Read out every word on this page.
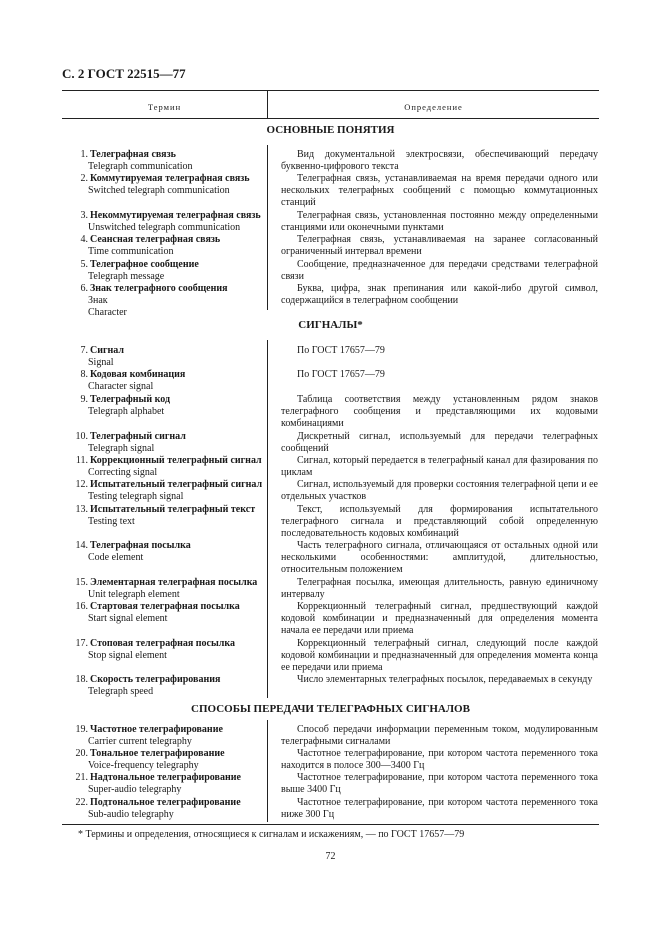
С. 2 ГОСТ 22515—77
Термин	Определение
ОСНОВНЫЕ ПОНЯТИЯ
1. Телеграфная связь
Telegraph communication
Вид документальной электросвязи, обеспечивающий передачу буквенно-цифрового текста
2. Коммутируемая телеграфная связь
Switched telegraph communication
Телеграфная связь, устанавливаемая на время передачи одного или нескольких телеграфных сообщений с помощью коммутационных станций
3. Некоммутируемая телеграфная связь
Unswitched telegraph communication
Телеграфная связь, установленная постоянно между определенными станциями или оконечными пунктами
4. Сеансная телеграфная связь
Time communication
Телеграфная связь, устанавливаемая на заранее согласованный ограниченный интервал времени
5. Телеграфное сообщение
Telegraph message
Сообщение, предназначенное для передачи средствами телеграфной связи
6. Знак телеграфного сообщения
Знак
Character
Буква, цифра, знак препинания или какой-либо другой символ, содержащийся в телеграфном сообщении
СИГНАЛЫ*
7. Сигнал
Signal
По ГОСТ 17657—79
8. Кодовая комбинация
Character signal
По ГОСТ 17657—79
9. Телеграфный код
Telegraph alphabet
Таблица соответствия между установленным рядом знаков телеграфного сообщения и представляющими их кодовыми комбинациями
10. Телеграфный сигнал
Telegraph signal
Дискретный сигнал, используемый для передачи телеграфных сообщений
11. Коррекционный телеграфный сигнал
Correcting signal
Сигнал, который передается в телеграфный канал для фазирования по циклам
12. Испытательный телеграфный сигнал
Testing telegraph signal
Сигнал, используемый для проверки состояния телеграфной цепи и ее отдельных участков
13. Испытательный телеграфный текст
Testing text
Текст, используемый для формирования испытательного телеграфного сигнала и представляющий собой определенную последовательность кодовых комбинаций
14. Телеграфная посылка
Code element
Часть телеграфного сигнала, отличающаяся от остальных одной или несколькими особенностями: амплитудой, длительностью, относительным положением
15. Элементарная телеграфная посылка
Unit telegraph element
Телеграфная посылка, имеющая длительность, равную единичному интервалу
16. Стартовая телеграфная посылка
Start signal element
Коррекционный телеграфный сигнал, предшествующий каждой кодовой комбинации и предназначенный для определения момента начала ее передачи или приема
17. Стоповая телеграфная посылка
Stop signal element
Коррекционный телеграфный сигнал, следующий после каждой кодовой комбинации и предназначенный для определения момента конца ее передачи или приема
18. Скорость телеграфирования
Telegraph speed
Число элементарных телеграфных посылок, передаваемых в секунду
СПОСОБЫ ПЕРЕДАЧИ ТЕЛЕГРАФНЫХ СИГНАЛОВ
19. Частотное телеграфирование
Carrier current telegraphy
Способ передачи информации переменным током, модулированным телеграфными сигналами
20. Тональное телеграфирование
Voice-frequency telegraphy
Частотное телеграфирование, при котором частота переменного тока находится в полосе 300—3400 Гц
21. Надтональное телеграфирование
Super-audio telegraphy
Частотное телеграфирование, при котором частота переменного тока выше 3400 Гц
22. Подтональное телеграфирование
Sub-audio telegraphy
Частотное телеграфирование, при котором частота переменного тока ниже 300 Гц
* Термины и определения, относящиеся к сигналам и искажениям, — по ГОСТ 17657—79
72
